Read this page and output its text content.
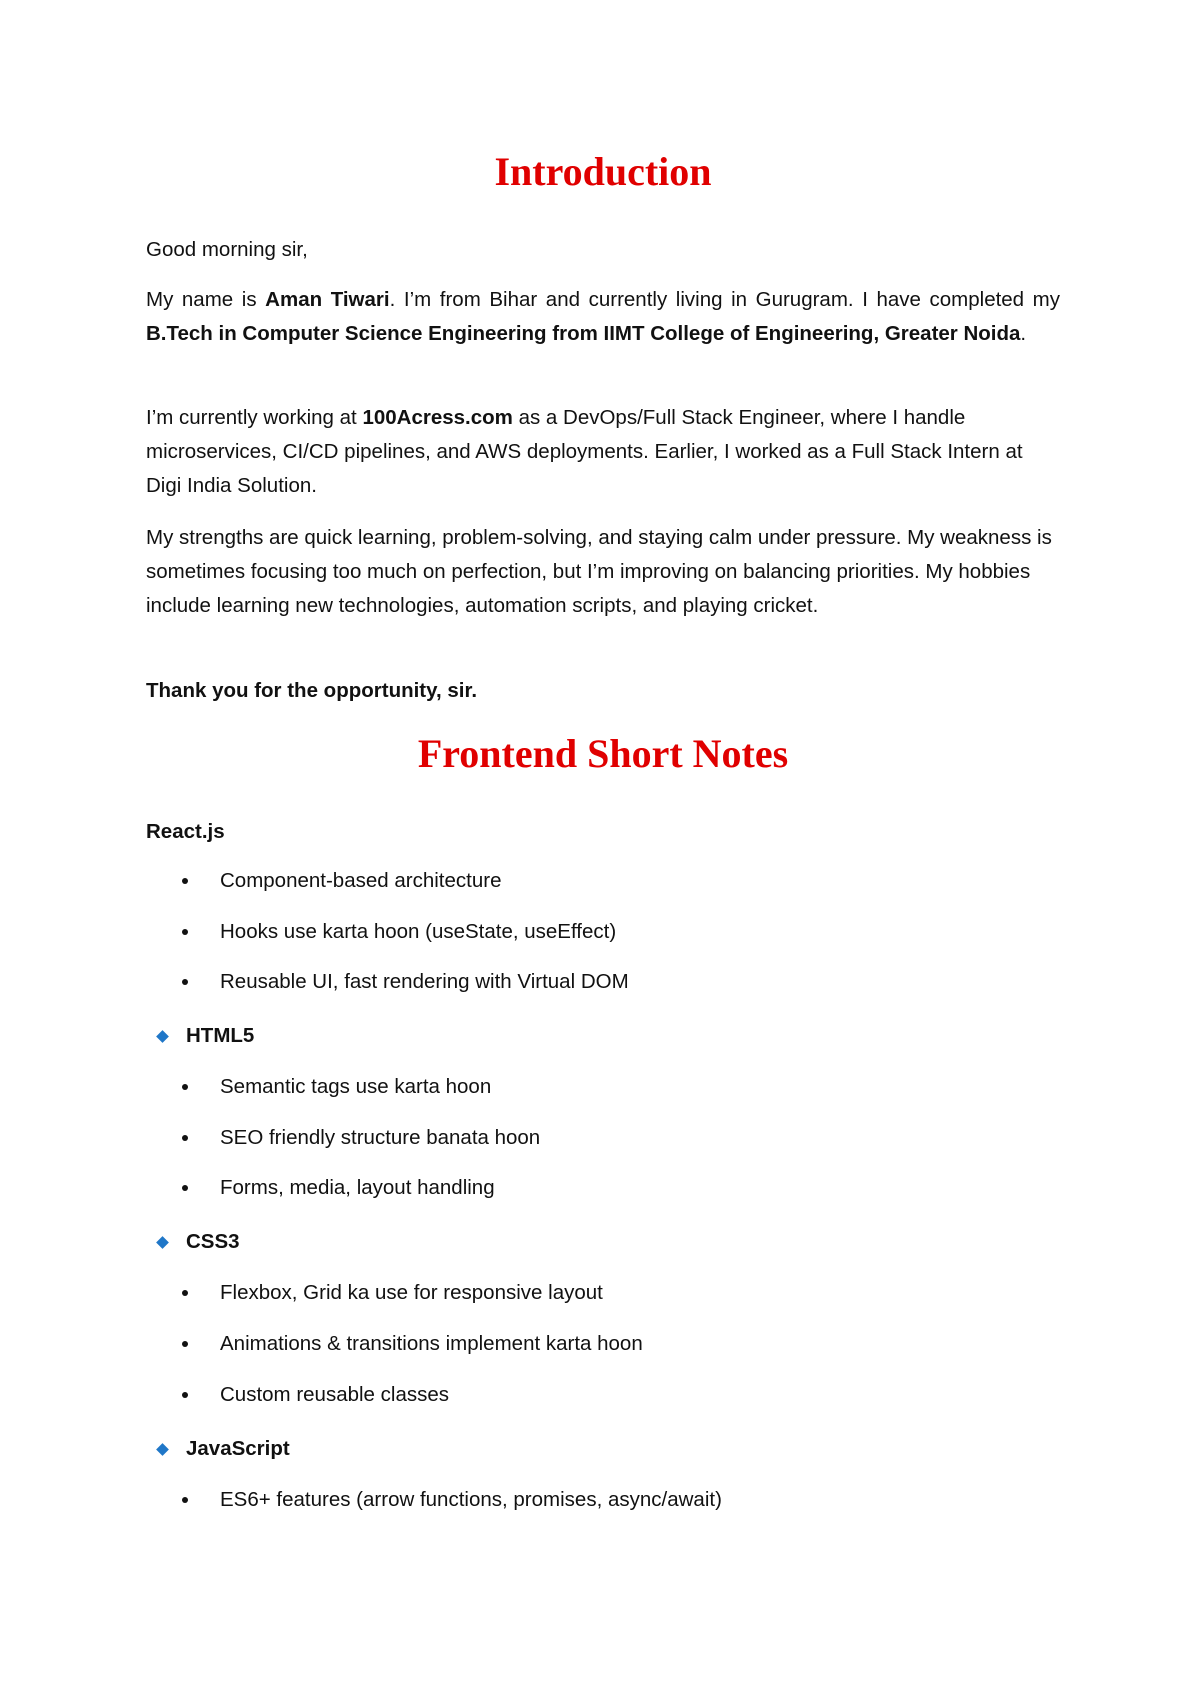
Introduction

Good morning sir,

My name is Aman Tiwari. I’m from Bihar and currently living in Gurugram. I have completed my B.Tech in Computer Science Engineering from IIMT College of Engineering, Greater Noida.

I’m currently working at 100Acress.com as a DevOps/Full Stack Engineer, where I handle microservices, CI/CD pipelines, and AWS deployments. Earlier, I worked as a Full Stack Intern at Digi India Solution.

My strengths are quick learning, problem-solving, and staying calm under pressure. My weakness is sometimes focusing too much on perfection, but I’m improving on balancing priorities. My hobbies include learning new technologies, automation scripts, and playing cricket.

Thank you for the opportunity, sir.

Frontend Short Notes

React.js

Component-based architecture

Hooks use karta hoon (useState, useEffect)

Reusable UI, fast rendering with Virtual DOM

HTML5

Semantic tags use karta hoon

SEO friendly structure banata hoon

Forms, media, layout handling

CSS3

Flexbox, Grid ka use for responsive layout

Animations & transitions implement karta hoon

Custom reusable classes

JavaScript

ES6+ features (arrow functions, promises, async/await)
